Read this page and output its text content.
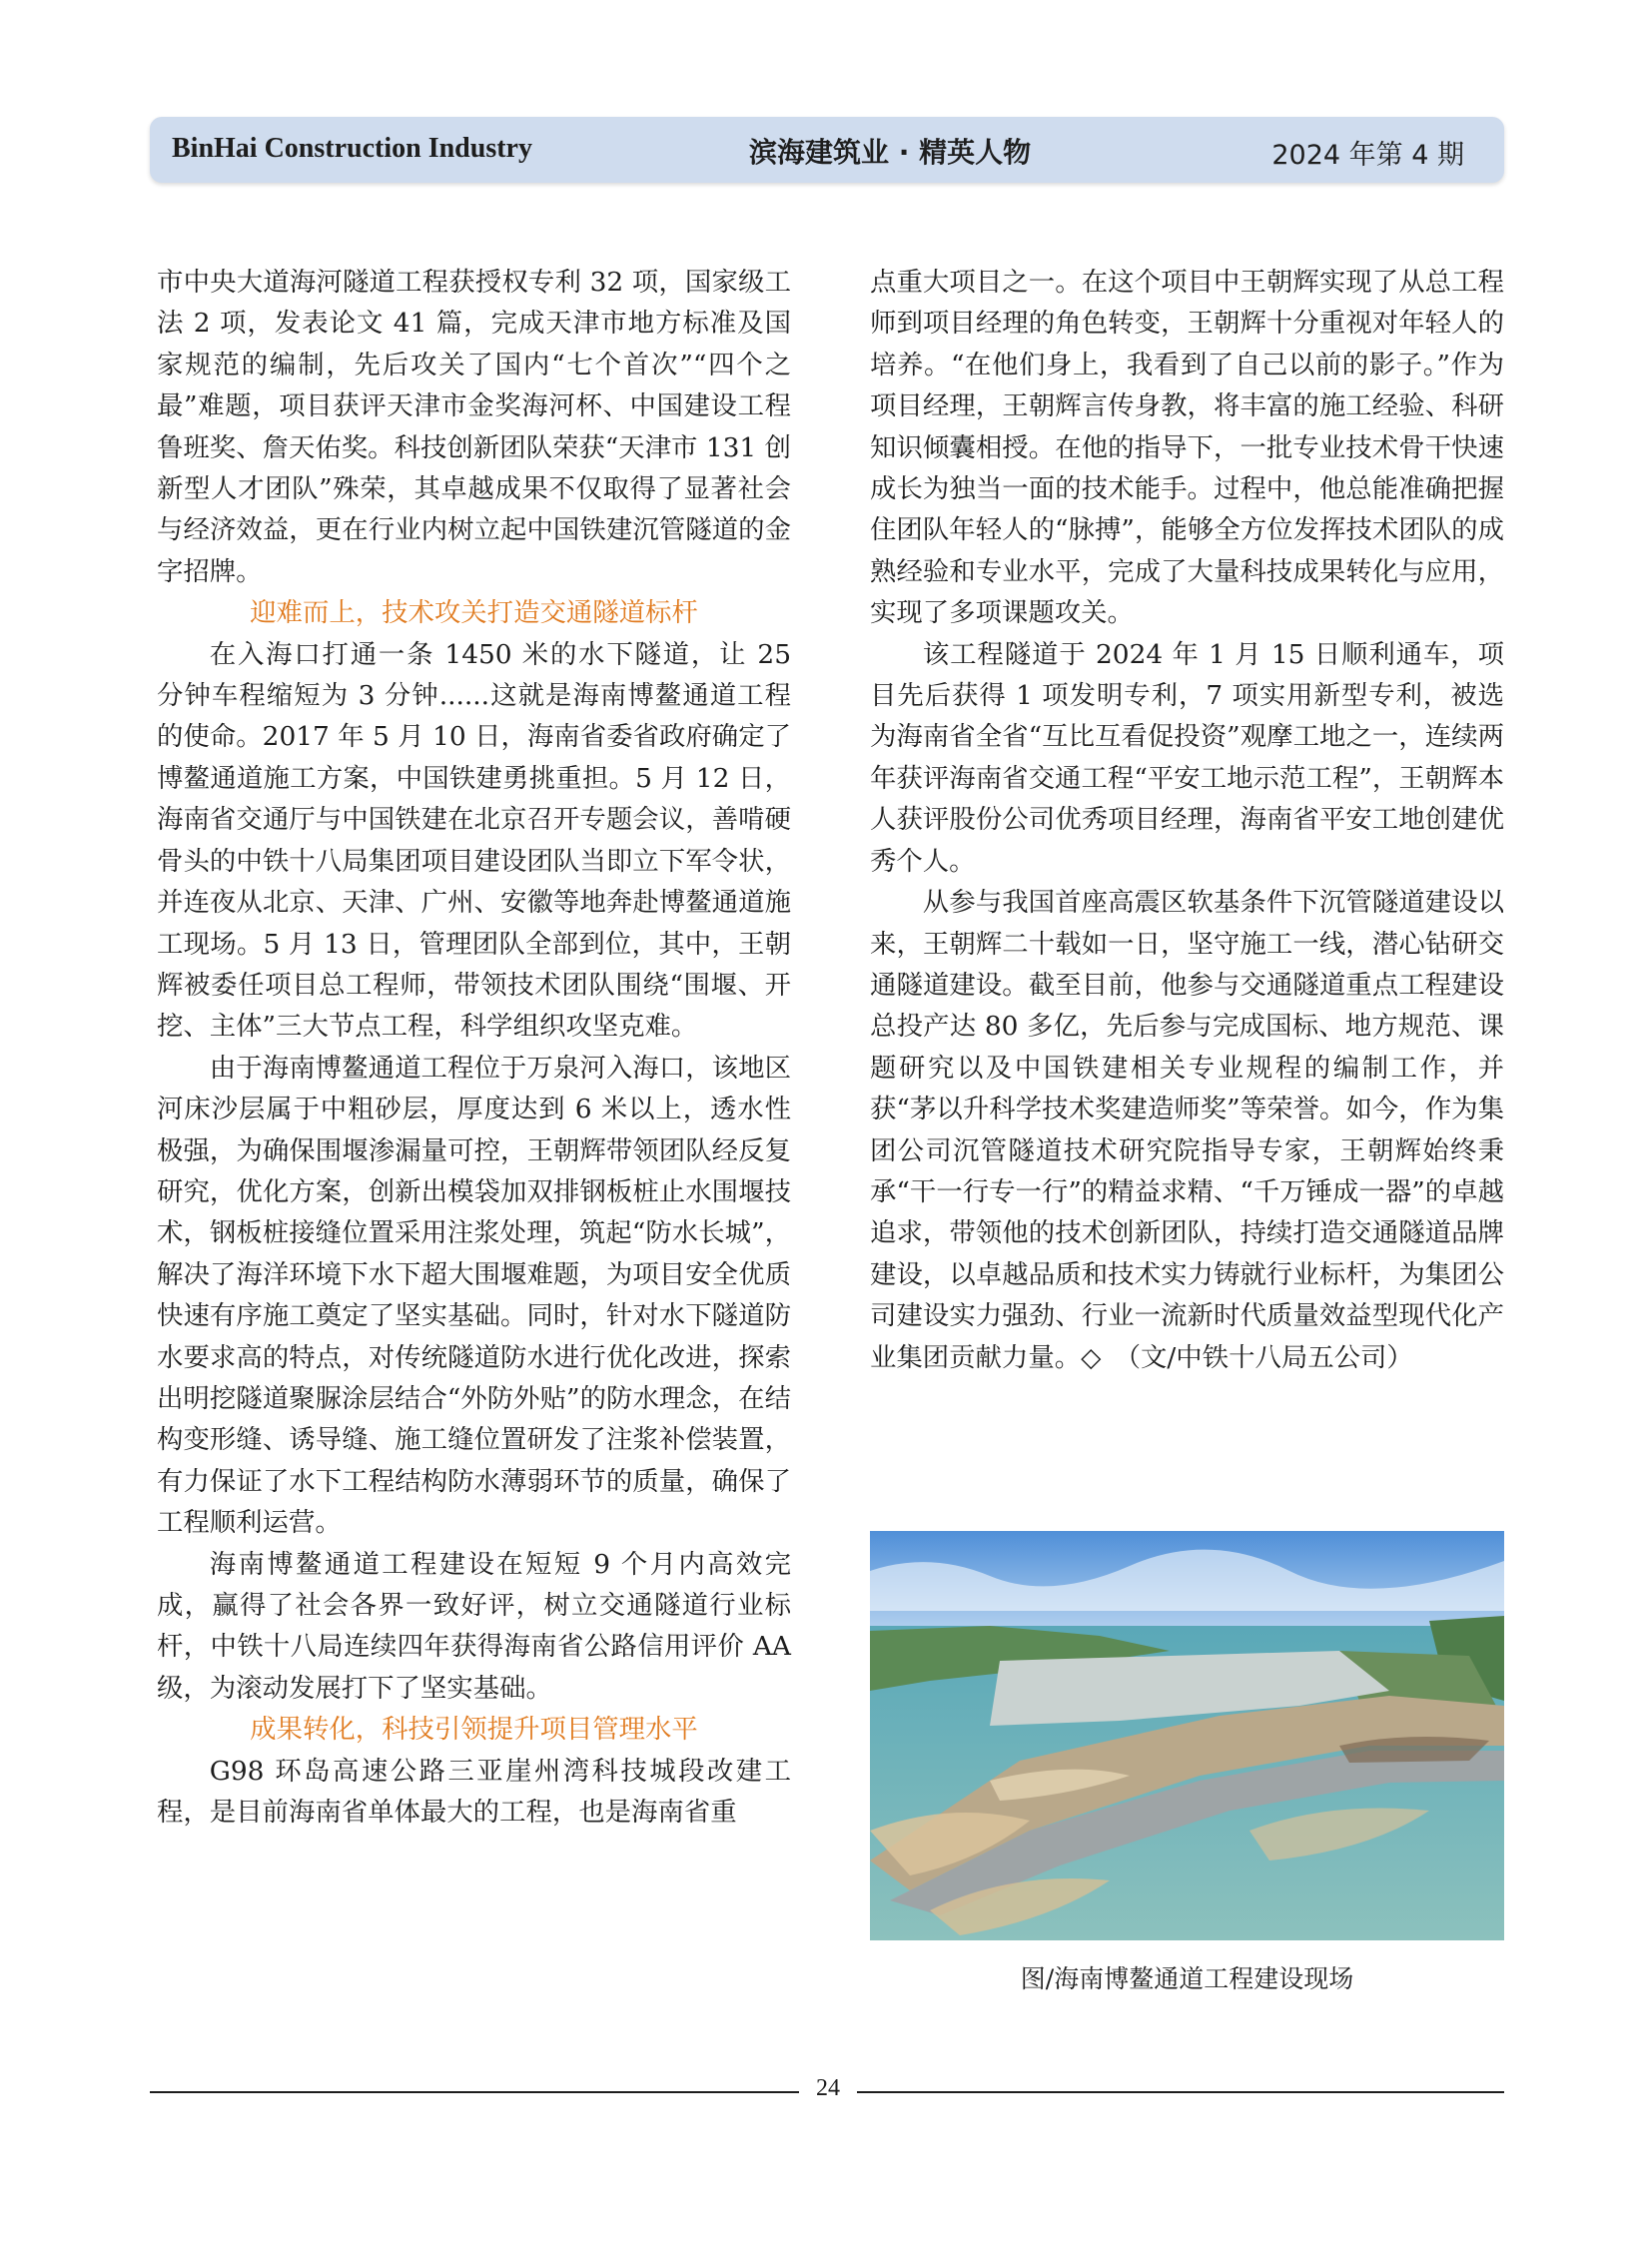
BinHai Construction Industry	滨海建筑业 · 精英人物	2024 年第 4 期

市中央大道海河隧道工程获授权专利 32 项，国家级工法 2 项，发表论文 41 篇，完成天津市地方标准及国家规范的编制，先后攻关了国内“七个首次”“四个之最”难题，项目获评天津市金奖海河杯、中国建设工程鲁班奖、詹天佑奖。科技创新团队荣获“天津市 131 创新型人才团队”殊荣，其卓越成果不仅取得了显著社会与经济效益，更在行业内树立起中国铁建沉管隧道的金字招牌。

迎难而上，技术攻关打造交通隧道标杆

在入海口打通一条 1450 米的水下隧道，让 25 分钟车程缩短为 3 分钟......这就是海南博鳌通道工程的使命。2017 年 5 月 10 日，海南省委省政府确定了博鳌通道施工方案，中国铁建勇挑重担。5 月 12 日，海南省交通厅与中国铁建在北京召开专题会议，善啃硬骨头的中铁十八局集团项目建设团队当即立下军令状，并连夜从北京、天津、广州、安徽等地奔赴博鳌通道施工现场。5 月 13 日，管理团队全部到位，其中，王朝辉被委任项目总工程师，带领技术团队围绕“围堰、开挖、主体”三大节点工程，科学组织攻坚克难。

由于海南博鳌通道工程位于万泉河入海口，该地区河床沙层属于中粗砂层，厚度达到 6 米以上，透水性极强，为确保围堰渗漏量可控，王朝辉带领团队经反复研究，优化方案，创新出模袋加双排钢板桩止水围堰技术，钢板桩接缝位置采用注浆处理，筑起“防水长城”，解决了海洋环境下水下超大围堰难题，为项目安全优质快速有序施工奠定了坚实基础。同时，针对水下隧道防水要求高的特点，对传统隧道防水进行优化改进，探索出明挖隧道聚脲涂层结合“外防外贴”的防水理念，在结构变形缝、诱导缝、施工缝位置研发了注浆补偿装置，有力保证了水下工程结构防水薄弱环节的质量，确保了工程顺利运营。

海南博鳌通道工程建设在短短 9 个月内高效完成，赢得了社会各界一致好评，树立交通隧道行业标杆，中铁十八局连续四年获得海南省公路信用评价 AA 级，为滚动发展打下了坚实基础。

成果转化，科技引领提升项目管理水平

G98 环岛高速公路三亚崖州湾科技城段改建工程，是目前海南省单体最大的工程，也是海南省重

点重大项目之一。在这个项目中王朝辉实现了从总工程师到项目经理的角色转变，王朝辉十分重视对年轻人的培养。“在他们身上，我看到了自己以前的影子。”作为项目经理，王朝辉言传身教，将丰富的施工经验、科研知识倾囊相授。在他的指导下，一批专业技术骨干快速成长为独当一面的技术能手。过程中，他总能准确把握住团队年轻人的“脉搏”，能够全方位发挥技术团队的成熟经验和专业水平，完成了大量科技成果转化与应用，实现了多项课题攻关。

该工程隧道于 2024 年 1 月 15 日顺利通车，项目先后获得 1 项发明专利，7 项实用新型专利，被选为海南省全省“互比互看促投资”观摩工地之一，连续两年获评海南省交通工程“平安工地示范工程”，王朝辉本人获评股份公司优秀项目经理，海南省平安工地创建优秀个人。

从参与我国首座高震区软基条件下沉管隧道建设以来，王朝辉二十载如一日，坚守施工一线，潜心钻研交通隧道建设。截至目前，他参与交通隧道重点工程建设总投产达 80 多亿，先后参与完成国标、地方规范、课题研究以及中国铁建相关专业规程的编制工作，并获“茅以升科学技术奖建造师奖”等荣誉。如今，作为集团公司沉管隧道技术研究院指导专家，王朝辉始终秉承“干一行专一行”的精益求精、“千万锤成一器”的卓越追求，带领他的技术创新团队，持续打造交通隧道品牌建设，以卓越品质和技术实力铸就行业标杆，为集团公司建设实力强劲、行业一流新时代质量效益型现代化产业集团贡献力量。◇　（文/中铁十八局五公司）

图/海南博鳌通道工程建设现场
24
